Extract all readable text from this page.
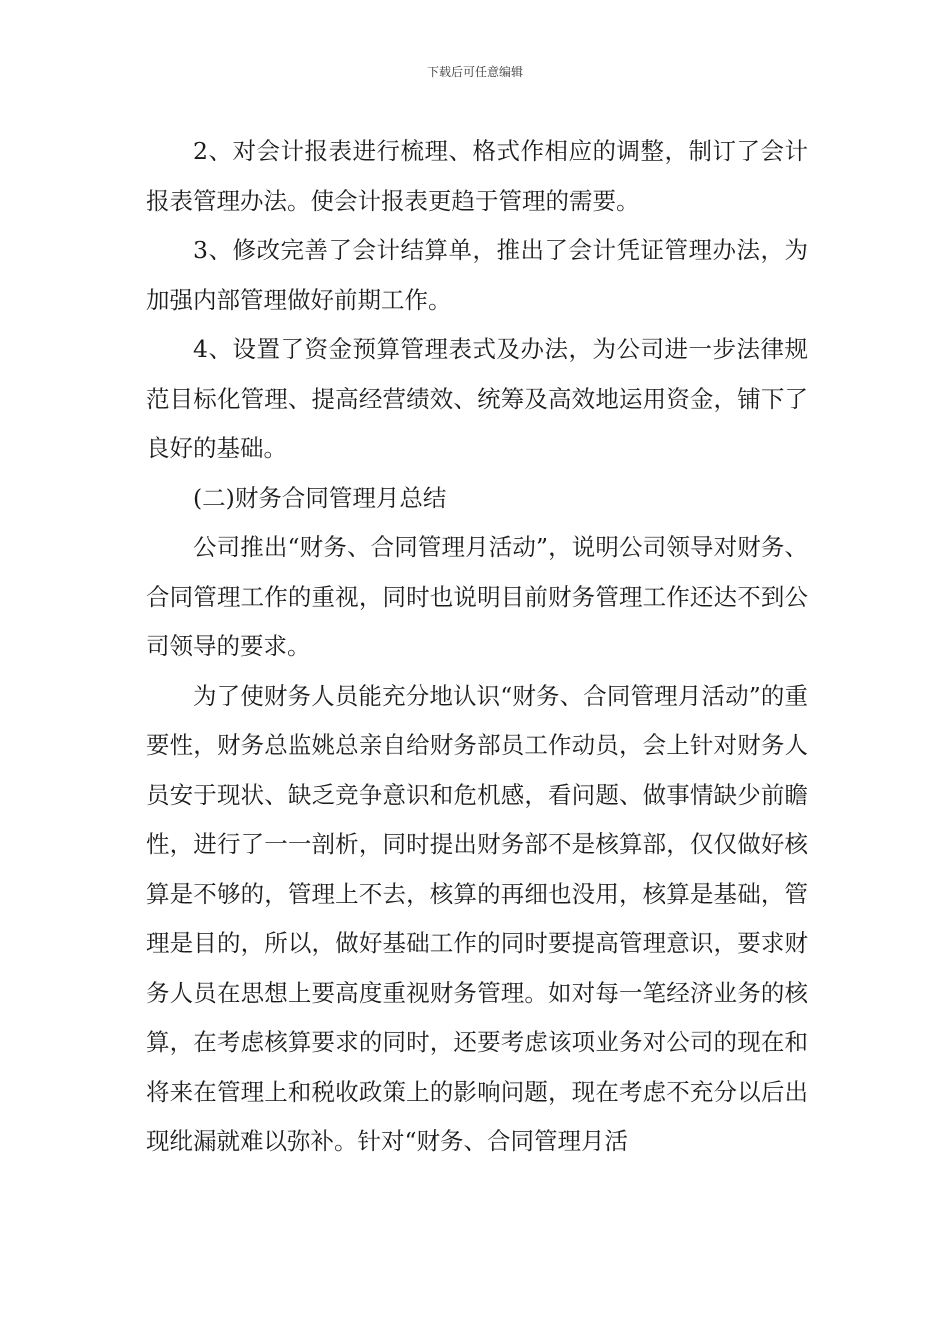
下载后可任意编辑

2、对会计报表进行梳理、格式作相应的调整，制订了会计报表管理办法。使会计报表更趋于管理的需要。

3、修改完善了会计结算单，推出了会计凭证管理办法，为加强内部管理做好前期工作。

4、设置了资金预算管理表式及办法，为公司进一步法律规范目标化管理、提高经营绩效、统筹及高效地运用资金，铺下了良好的基础。

(二)财务合同管理月总结

公司推出“财务、合同管理月活动”，说明公司领导对财务、合同管理工作的重视，同时也说明目前财务管理工作还达不到公司领导的要求。

为了使财务人员能充分地认识“财务、合同管理月活动”的重要性，财务总监姚总亲自给财务部员工作动员，会上针对财务人员安于现状、缺乏竞争意识和危机感，看问题、做事情缺少前瞻性，进行了一一剖析，同时提出财务部不是核算部，仅仅做好核算是不够的，管理上不去，核算的再细也没用，核算是基础，管理是目的，所以，做好基础工作的同时要提高管理意识，要求财务人员在思想上要高度重视财务管理。如对每一笔经济业务的核算，在考虑核算要求的同时，还要考虑该项业务对公司的现在和将来在管理上和税收政策上的影响问题，现在考虑不充分以后出现纰漏就难以弥补。针对“财务、合同管理月活
